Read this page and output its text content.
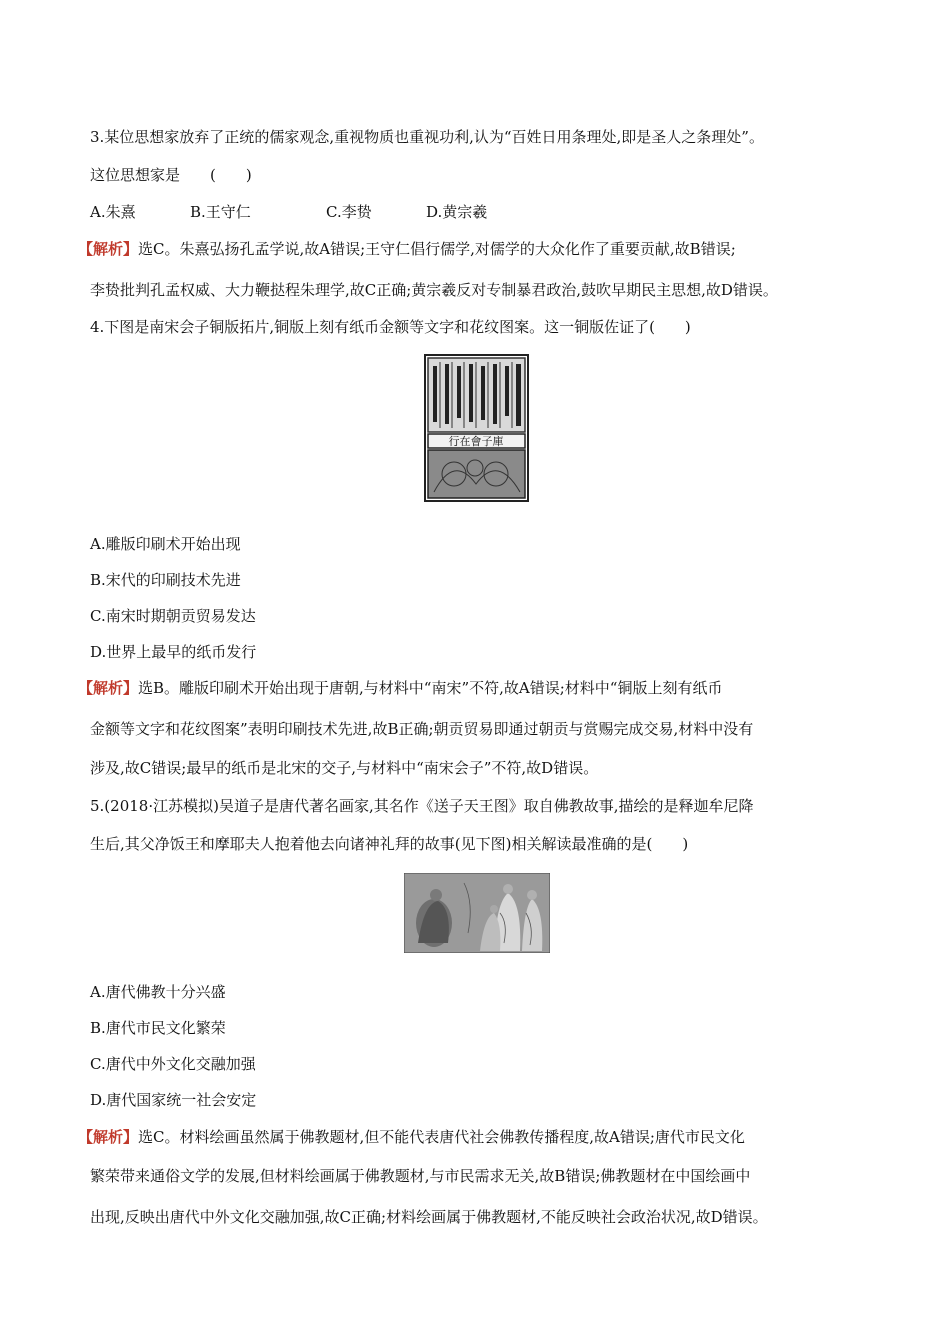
3.某位思想家放弃了正统的儒家观念,重视物质也重视功利,认为“百姓日用条理处,即是圣人之条理处”。
这位思想家是　　(　　)
A.朱熹	B.王守仁	C.李贽	D.黄宗羲
【解析】选C。朱熹弘扬孔孟学说,故A错误;王守仁倡行儒学,对儒学的大众化作了重要贡献,故B错误;
李贽批判孔孟权威、大力鞭挞程朱理学,故C正确;黄宗羲反对专制暴君政治,鼓吹早期民主思想,故D错误。
4.下图是南宋会子铜版拓片,铜版上刻有纸币金额等文字和花纹图案。这一铜版佐证了(　　)
行在會子庫
A.雕版印刷术开始出现
B.宋代的印刷技术先进
C.南宋时期朝贡贸易发达
D.世界上最早的纸币发行
【解析】选B。雕版印刷术开始出现于唐朝,与材料中“南宋”不符,故A错误;材料中“铜版上刻有纸币
金额等文字和花纹图案”表明印刷技术先进,故B正确;朝贡贸易即通过朝贡与赏赐完成交易,材料中没有
涉及,故C错误;最早的纸币是北宋的交子,与材料中“南宋会子”不符,故D错误。
5.(2018·江苏模拟)吴道子是唐代著名画家,其名作《送子天王图》取自佛教故事,描绘的是释迦牟尼降
生后,其父净饭王和摩耶夫人抱着他去向诸神礼拜的故事(见下图)相关解读最准确的是(　　)
A.唐代佛教十分兴盛
B.唐代市民文化繁荣
C.唐代中外文化交融加强
D.唐代国家统一社会安定
【解析】选C。材料绘画虽然属于佛教题材,但不能代表唐代社会佛教传播程度,故A错误;唐代市民文化
繁荣带来通俗文学的发展,但材料绘画属于佛教题材,与市民需求无关,故B错误;佛教题材在中国绘画中
出现,反映出唐代中外文化交融加强,故C正确;材料绘画属于佛教题材,不能反映社会政治状况,故D错误。
